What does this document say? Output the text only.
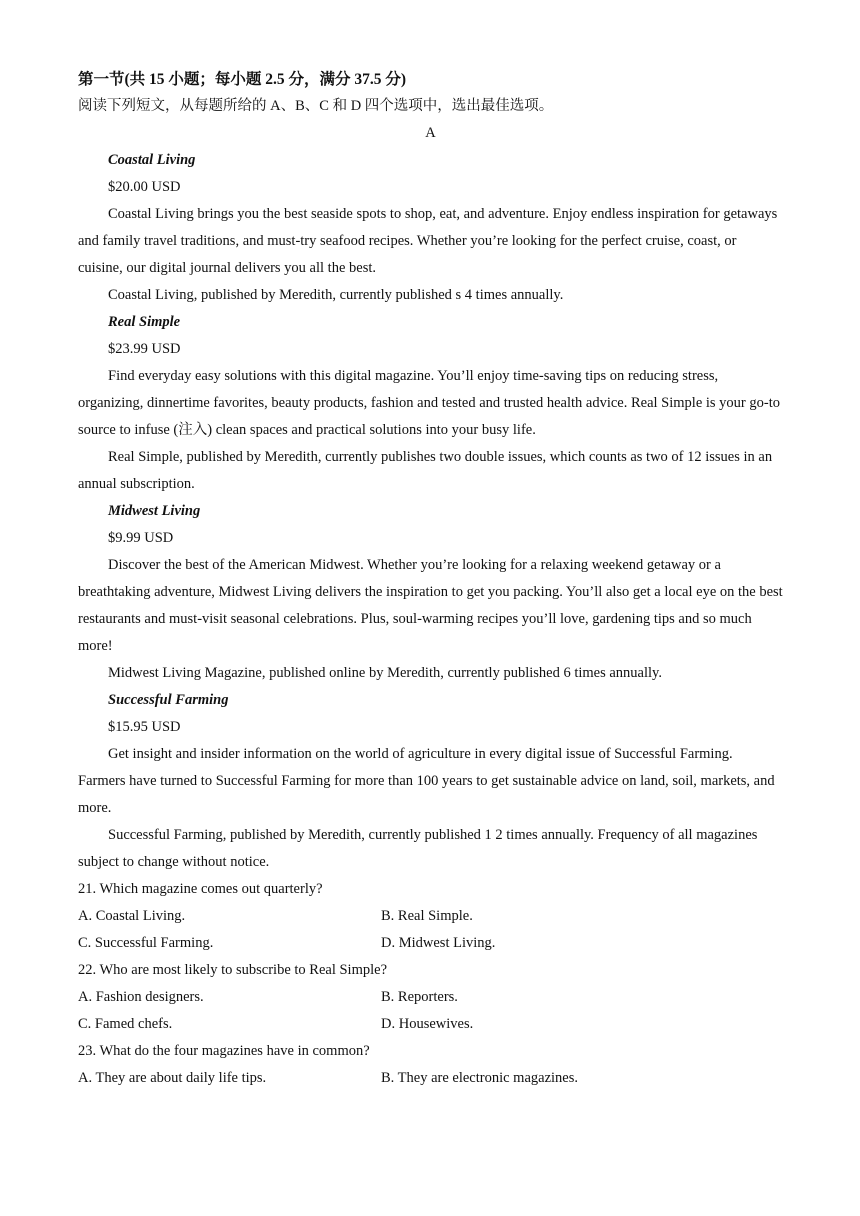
第一节(共 15 小题；每小题 2.5 分，满分 37.5 分)

阅读下列短文，从每题所给的 A、B、C 和 D 四个选项中，选出最佳选项。

A

Coastal Living

$20.00 USD

Coastal Living brings you the best seaside spots to shop, eat, and adventure. Enjoy endless inspiration for getaways and family travel traditions, and must-try seafood recipes. Whether you’re looking for the perfect cruise, coast, or cuisine, our digital journal delivers you all the best.

Coastal Living, published by Meredith, currently published s 4 times annually.

Real Simple

$23.99 USD

Find everyday easy solutions with this digital magazine. You’ll enjoy time-saving tips on reducing stress, organizing, dinnertime favorites, beauty products, fashion and tested and trusted health advice. Real Simple is your go-to source to infuse (注入) clean spaces and practical solutions into your busy life.

Real Simple, published by Meredith, currently publishes two double issues, which counts as two of 12 issues in an annual subscription.

Midwest Living

$9.99 USD

Discover the best of the American Midwest. Whether you’re looking for a relaxing weekend getaway or a breathtaking adventure, Midwest Living delivers the inspiration to get you packing. You’ll also get a local eye on the best restaurants and must-visit seasonal celebrations. Plus, soul-warming recipes you’ll love, gardening tips and so much more!

Midwest Living Magazine, published online by Meredith, currently published 6 times annually.

Successful Farming

$15.95 USD

Get insight and insider information on the world of agriculture in every digital issue of Successful Farming. Farmers have turned to Successful Farming for more than 100 years to get sustainable advice on land, soil, markets, and more.

Successful Farming, published by Meredith, currently published 1 2 times annually. Frequency of all magazines subject to change without notice.

21. Which magazine comes out quarterly?

A. Coastal Living.	B. Real Simple.
C. Successful Farming.	D. Midwest Living.

22. Who are most likely to subscribe to Real Simple?

A. Fashion designers.	B. Reporters.
C. Famed chefs.	D. Housewives.

23. What do the four magazines have in common?

A. They are about daily life tips.	B. They are electronic magazines.
